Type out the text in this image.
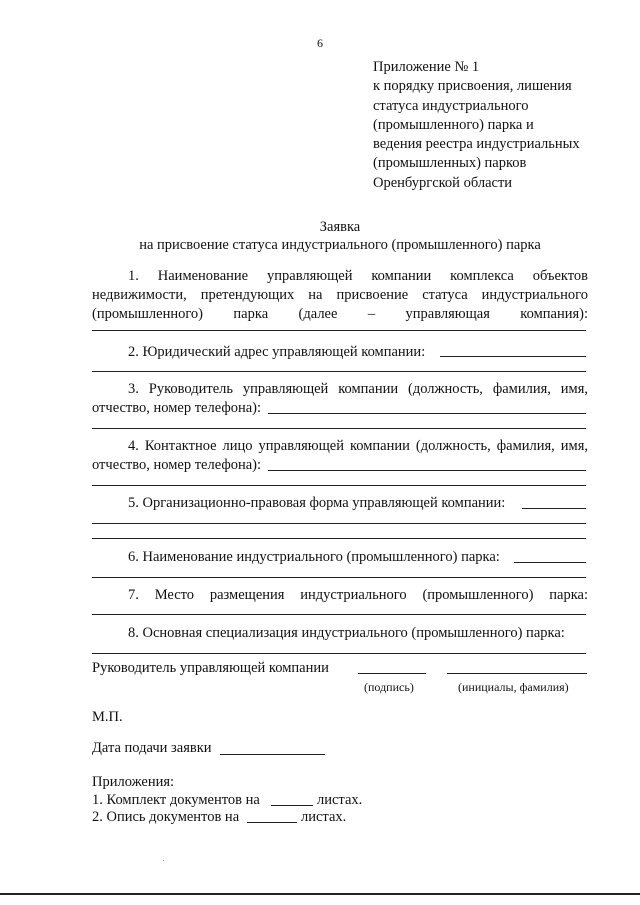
6
Приложение № 1
к порядку присвоения, лишения
статуса индустриального
(промышленного) парка и
ведения реестра индустриальных
(промышленных) парков
Оренбургской области
Заявка
на присвоение статуса индустриального (промышленного) парка
1. Наименование управляющей компании комплекса объектов
недвижимости, претендующих на присвоение статуса индустриального
(промышленного) парка (далее – управляющая компания):
2. Юридический адрес управляющей компании:
3. Руководитель управляющей компании (должность, фамилия, имя,
отчество, номер телефона):
4. Контактное лицо управляющей компании (должность, фамилия, имя,
отчество, номер телефона):
5. Организационно-правовая форма управляющей компании:
6. Наименование индустриального (промышленного) парка:
7. Место размещения индустриального (промышленного) парка:
8. Основная специализация индустриального (промышленного) парка:
Руководитель управляющей компании
(подпись)	(инициалы, фамилия)
М.П.
Дата подачи заявки
Приложения:
1. Комплект документов на	листах.
2. Опись документов на	листах.
